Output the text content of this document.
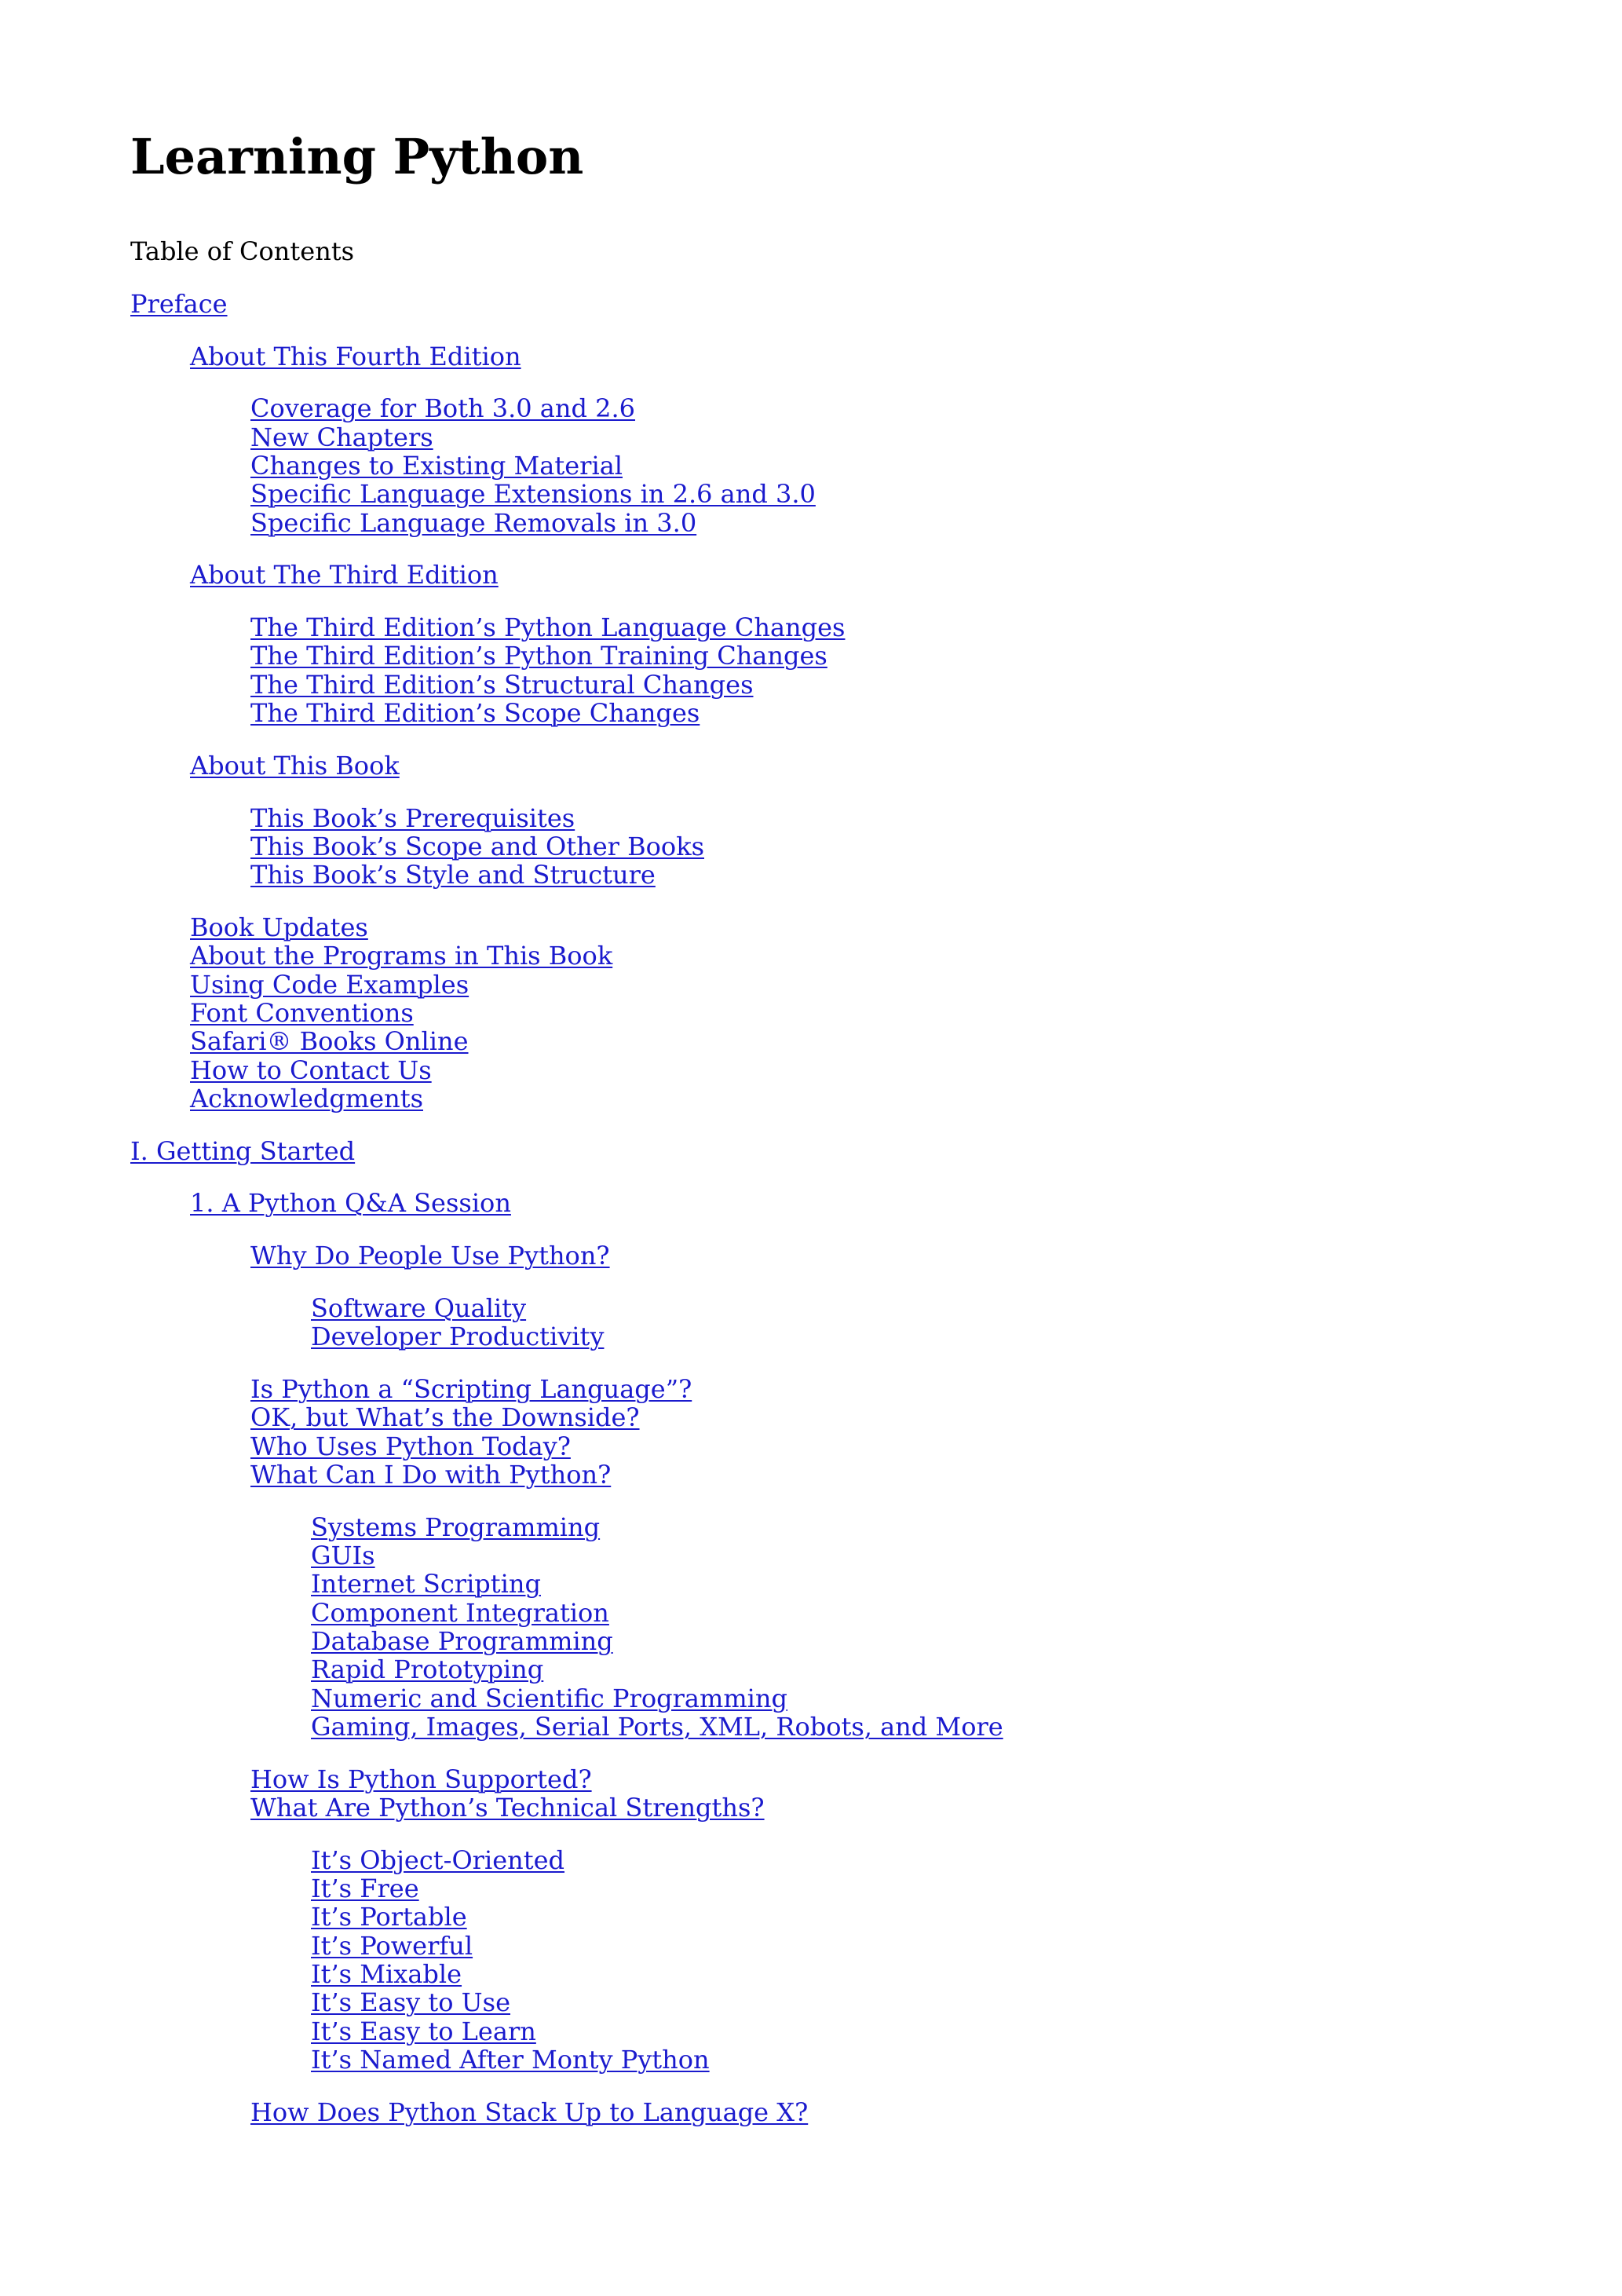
Learning Python
Table of Contents
Preface
About This Fourth Edition
Coverage for Both 3.0 and 2.6
New Chapters
Changes to Existing Material
Specific Language Extensions in 2.6 and 3.0
Specific Language Removals in 3.0
About The Third Edition
The Third Edition’s Python Language Changes
The Third Edition’s Python Training Changes
The Third Edition’s Structural Changes
The Third Edition’s Scope Changes
About This Book
This Book’s Prerequisites
This Book’s Scope and Other Books
This Book’s Style and Structure
Book Updates
About the Programs in This Book
Using Code Examples
Font Conventions
Safari® Books Online
How to Contact Us
Acknowledgments
I. Getting Started
1. A Python Q&A Session
Why Do People Use Python?
Software Quality
Developer Productivity
Is Python a “Scripting Language”?
OK, but What’s the Downside?
Who Uses Python Today?
What Can I Do with Python?
Systems Programming
GUIs
Internet Scripting
Component Integration
Database Programming
Rapid Prototyping
Numeric and Scientific Programming
Gaming, Images, Serial Ports, XML, Robots, and More
How Is Python Supported?
What Are Python’s Technical Strengths?
It’s Object-Oriented
It’s Free
It’s Portable
It’s Powerful
It’s Mixable
It’s Easy to Use
It’s Easy to Learn
It’s Named After Monty Python
How Does Python Stack Up to Language X?
